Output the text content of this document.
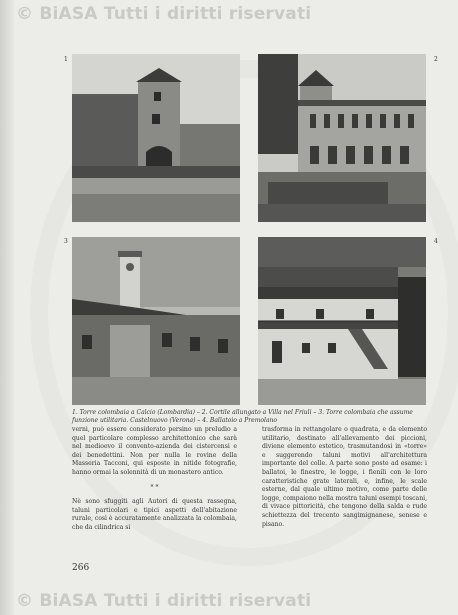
© BiASA Tutti i diritti riservati
1	2
3	4
1. Torre colombaia a Calcio (Lombardia) – 2. Cortile allungato a Villa nel Friuli – 3. Torre colombaia che assume funzione utilitaria. Castelnuovo (Verona) – 4. Ballatoio a Premolano

verni, può essere considerato persino un preludio a quel particolare complesso architettonico che sarà nel medioevo il convento-azienda dei cistercensi e dei benedettini. Non per nulla le rovine della Masseria Tacconi, qui esposte in nitide fotografie, hanno ormai la solennità di un monastero antico.

* *

Nè sono sfuggiti agli Autori di questa rassegna, taluni particolari e tipici aspetti dell'abitazione rurale, così è accuratamente analizzata la colombaia, che da cilindrica si

trasforma in rettangolare o quadrata, e da elemento utilitario, destinato all'allevamento dei piccioni, diviene elemento estetico, trasmutandosi in «torre» e suggerendo taluni motivi all'architettura importante del colle. A parte sono poste ad esame: i ballatoi, le finestre, le logge, i fienili con le loro caratteristiche grate laterali, e, infine, le scale esterne, dal quale ultimo motivo, come parte delle logge, compaiono nella mostra taluni esempi toscani, di vivace pittoricità, che tengono della salda e rude schiettezza del trecento sangimignanese, senese e pisano.

266
© BiASA Tutti i diritti riservati
